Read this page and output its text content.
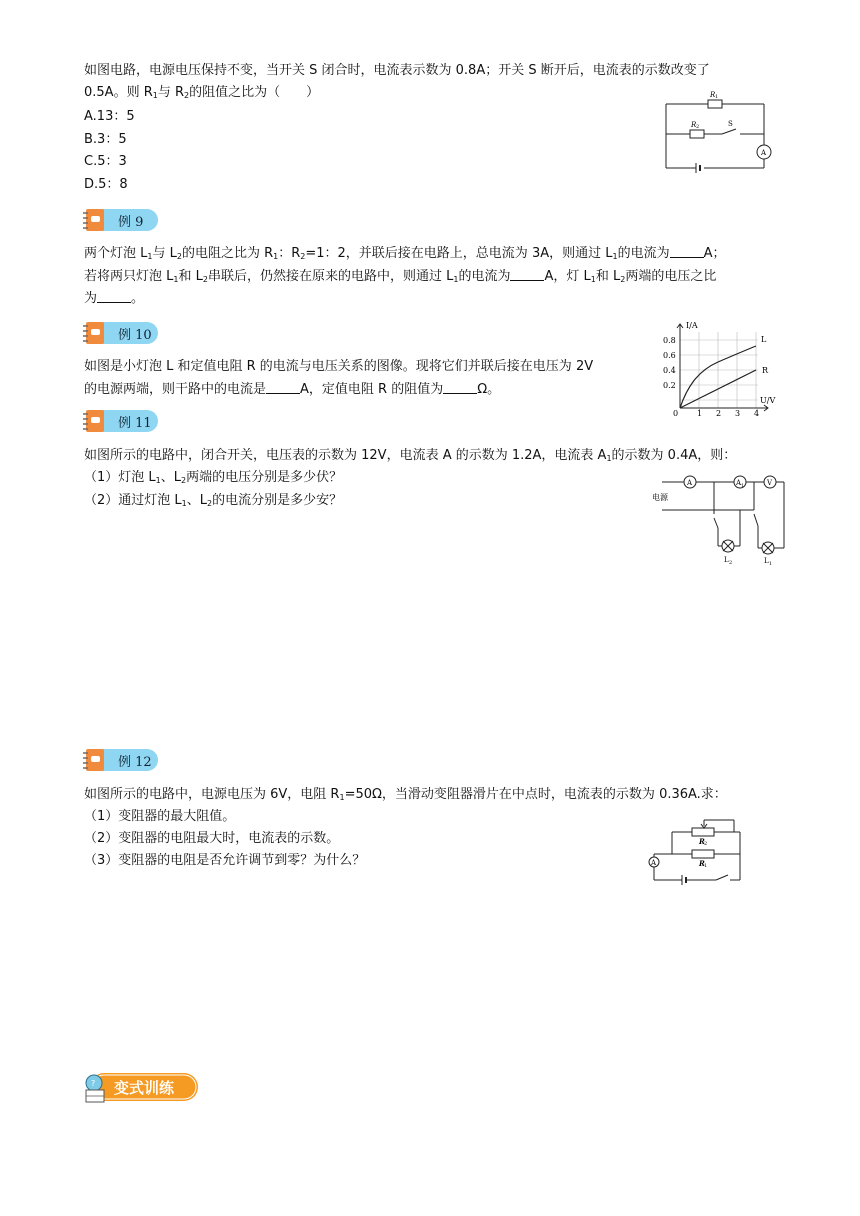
如图电路，电源电压保持不变，当开关 S 闭合时，电流表示数为 0.8A；开关 S 断开后，电流表的示数改变了
0.5A。则 $R_1$与 $R_2$的阻值之比为（　　）
A.13：5
B.3：5
C.5：3
D.5：8
R 1
R 2	S
A
例 9
两个灯泡 $L_1$与 $L_2$的电阻之比为 $R_1$：$R_2=1$：2，并联后接在电路上，总电流为 3A，则通过 $L_1$的电流为	A；
若将两只灯泡 $L_1$和 $L_2$串联后，仍然接在原来的电路中，则通过 $L_1$的电流为	A，灯 $L_1$和 $L_2$两端的电压之比
为	。
例 10
如图是小灯泡 L 和定值电阻 R 的电流与电压关系的图像。现将它们并联后接在电压为 2V
的电源两端，则干路中的电流是	A，定值电阻 R 的阻值为	Ω。
I/A
U/V
0.8
0.6
0.4
0.2
0 1 2 3 4
L
R
例 11
如图所示的电路中，闭合开关，电压表的示数为 12V，电流表 A 的示数为 1.2A，电流表 $A_1$的示数为 0.4A，则：
（1）灯泡 $L_1$、$L_2$两端的电压分别是多少伏？
（2）通过灯泡 $L_1$、$L_2$的电流分别是多少安？	电源
A	A 1	V
L 2	L 1
例 12
如图所示的电路中，电源电压为 6V，电阻 $R_1=50\Omega$，当滑动变阻器滑片在中点时，电流表的示数为 0.36A.求：
（1）变阻器的最大阻值。
（2）变阻器的电阻最大时，电流表的示数。
（3）变阻器的电阻是否允许调节到零？为什么？	A
R 2
R 1
? 变式训练
